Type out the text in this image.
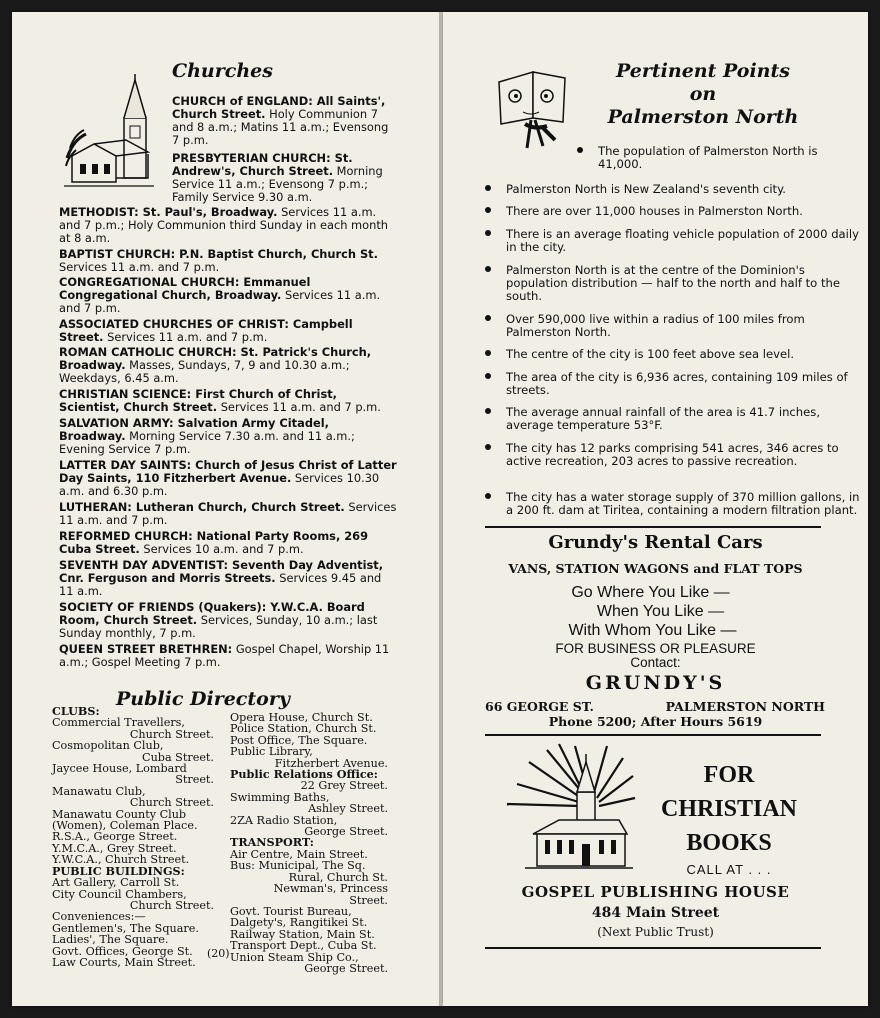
Churches
CHURCH of ENGLAND: All Saints', Church Street. Holy Communion 7 and 8 a.m.; Matins 11 a.m.; Evensong 7 p.m.
PRESBYTERIAN CHURCH: St. Andrew's, Church Street. Morning Service 11 a.m.; Evensong 7 p.m.; Family Service 9.30 a.m.
METHODIST: St. Paul's, Broadway. Services 11 a.m. and 7 p.m.; Holy Communion third Sunday in each month at 8 a.m.
BAPTIST CHURCH: P.N. Baptist Church, Church St. Services 11 a.m. and 7 p.m.
CONGREGATIONAL CHURCH: Emmanuel Congregational Church, Broadway. Services 11 a.m. and 7 p.m.
ASSOCIATED CHURCHES OF CHRIST: Campbell Street. Services 11 a.m. and 7 p.m.
ROMAN CATHOLIC CHURCH: St. Patrick's Church, Broadway. Masses, Sundays, 7, 9 and 10.30 a.m.; Weekdays, 6.45 a.m.
CHRISTIAN SCIENCE: First Church of Christ, Scientist, Church Street. Services 11 a.m. and 7 p.m.
SALVATION ARMY: Salvation Army Citadel, Broadway. Morning Service 7.30 a.m. and 11 a.m.; Evening Service 7 p.m.
LATTER DAY SAINTS: Church of Jesus Christ of Latter Day Saints, 110 Fitzherbert Avenue. Services 10.30 a.m. and 6.30 p.m.
LUTHERAN: Lutheran Church, Church Street. Services 11 a.m. and 7 p.m.
REFORMED CHURCH: National Party Rooms, 269 Cuba Street. Services 10 a.m. and 7 p.m.
SEVENTH DAY ADVENTIST: Seventh Day Adventist, Cnr. Ferguson and Morris Streets. Services 9.45 and 11 a.m.
SOCIETY OF FRIENDS (Quakers): Y.W.C.A. Board Room, Church Street. Services, Sunday, 10 a.m.; last Sunday monthly, 7 p.m.
QUEEN STREET BRETHREN: Gospel Chapel, Worship 11 a.m.; Gospel Meeting 7 p.m.
Public Directory
CLUBS:
Commercial Travellers,
Church Street.
Cosmopolitan Club,
Cuba Street.
Jaycee House, Lombard
Street.
Manawatu Club,
Church Street.
Manawatu County Club
(Women), Coleman Place.
R.S.A., George Street.
Y.M.C.A., Grey Street.
Y.W.C.A., Church Street.
PUBLIC BUILDINGS:
Art Gallery, Carroll St.
City Council Chambers,
Church Street.
Conveniences:—
Gentlemen's, The Square.
Ladies', The Square.
Govt. Offices, George St.
Law Courts, Main Street.
Opera House, Church St.
Police Station, Church St.
Post Office, The Square.
Public Library,
Fitzherbert Avenue.
Public Relations Office:
22 Grey Street.
Swimming Baths,
Ashley Street.
2ZA Radio Station,
George Street.
TRANSPORT:
Air Centre, Main Street.
Bus: Municipal, The Sq.
Rural, Church St.
Newman's, Princess
Street.
Govt. Tourist Bureau,
Dalgety's, Rangitikei St.
Railway Station, Main St.
Transport Dept., Cuba St.
Union Steam Ship Co.,
George Street.
(20)
Pertinent Points
on
Palmerston North
The population of Palmerston North is 41,000.
Palmerston North is New Zealand's seventh city.
There are over 11,000 houses in Palmerston North.
There is an average floating vehicle population of 2000 daily in the city.
Palmerston North is at the centre of the Dominion's population distribution — half to the north and half to the south.
Over 590,000 live within a radius of 100 miles from Palmerston North.
The centre of the city is 100 feet above sea level.
The area of the city is 6,936 acres, containing 109 miles of streets.
The average annual rainfall of the area is 41.7 inches, average temperature 53°F.
The city has 12 parks comprising 541 acres, 346 acres to active recreation, 203 acres to passive recreation.
The city has a water storage supply of 370 million gallons, in a 200 ft. dam at Tiritea, containing a modern filtration plant.
Grundy's Rental Cars
VANS, STATION WAGONS and FLAT TOPS
Go Where You Like —
When You Like —
With Whom You Like —
FOR BUSINESS OR PLEASURE
Contact:
GRUNDY'S
66 GEORGE ST.	PALMERSTON NORTH
Phone 5200; After Hours 5619
FOR
CHRISTIAN
BOOKS
CALL AT . . .
GOSPEL PUBLISHING HOUSE
484 Main Street
(Next Public Trust)
